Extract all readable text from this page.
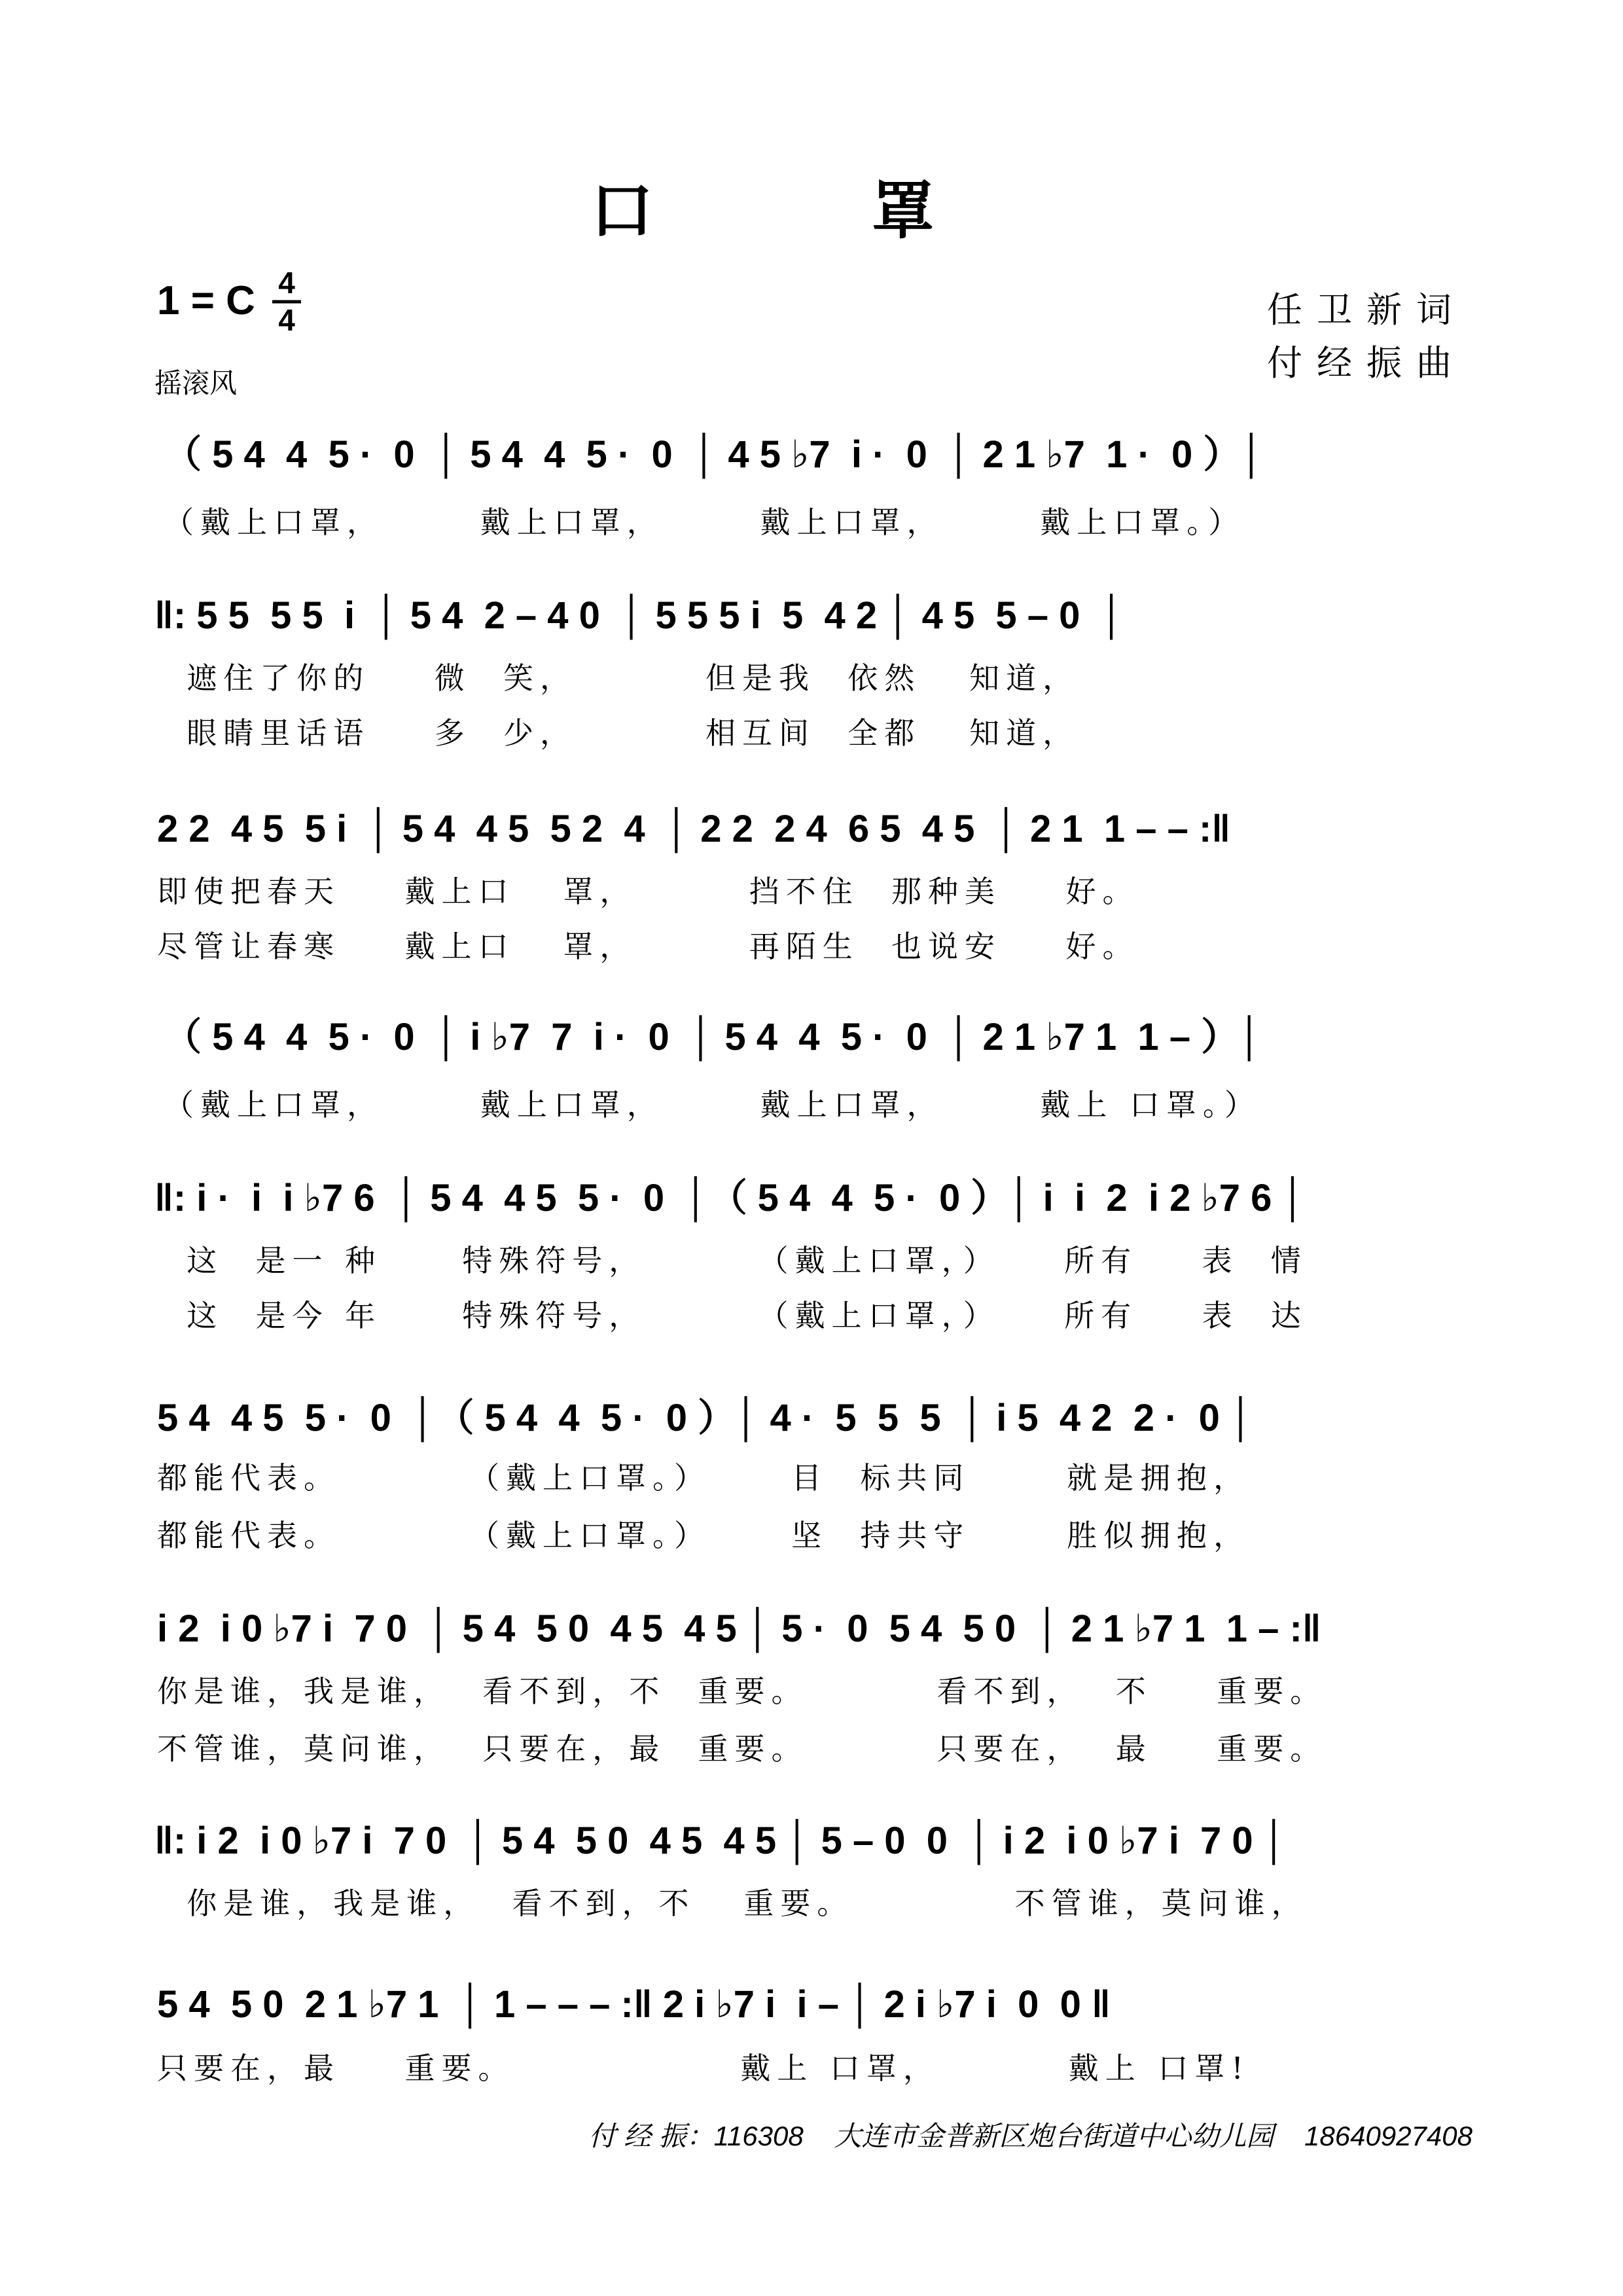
口 罩
1 = C 4
4
摇滚风
任卫新词
付经振曲
（ 5 4  4  5 ·  0  │ 5 4  4  5 ·  0  │ 4 5 ♭7  i ·  0  │ 2 1 ♭7  1 ·  0 ）│
（戴上口罩，      戴上口罩，      戴上口罩，      戴上口罩。）
‖: 5 5  5 5  i  │ 5 4  2 – 4 0  │ 5 5 5 i  5  4 2 │ 4 5  5 – 0  │
遮住了你的    微  笑，        但是我  依然   知道，
眼睛里话语    多  少，        相互间  全都   知道，
2 2  4 5  5 i  │ 5 4  4 5  5 2  4  │ 2 2  2 4  6 5  4 5  │ 2 1  1 – – :‖
即使把春天    戴上口   罩，       挡不住  那种美    好。
尽管让春寒    戴上口   罩，       再陌生  也说安    好。
（ 5 4  4  5 ·  0  │ i ♭7  7  i ·  0  │ 5 4  4  5 ·  0  │ 2 1 ♭7 1  1 – ）│
（戴上口罩，      戴上口罩，      戴上口罩，      戴上 口罩。）
‖: i ·  i  i ♭7 6  │ 5 4  4 5  5 ·  0  │（ 5 4  4  5 ·  0 ）│ i  i  2  i 2 ♭7 6 │
这  是一 种     特殊符号，       （戴上口罩，）    所有    表  情
这  是今 年     特殊符号，       （戴上口罩，）    所有    表  达
5 4  4 5  5 ·  0  │（ 5 4  4  5 ·  0 ）│ 4 ·  5  5  5  │ i 5  4 2  2 ·  0 │
都能代表。        （戴上口罩。）     目  标共同      就是拥抱，
都能代表。        （戴上口罩。）     坚  持共守      胜似拥抱，
i 2  i 0 ♭7 i  7 0  │ 5 4  5 0  4 5  4 5 │ 5 ·  0  5 4  5 0  │ 2 1 ♭7 1  1 – :‖
你是谁，我是谁，  看不到，不  重要。        看不到，  不    重要。
不管谁，莫问谁，  只要在，最  重要。        只要在，  最    重要。
‖: i 2  i 0 ♭7 i  7 0  │ 5 4  5 0  4 5  4 5 │ 5 – 0  0  │ i 2  i 0 ♭7 i  7 0 │
你是谁，我是谁，  看不到，不   重要。          不管谁，莫问谁，
5 4  5 0  2 1 ♭7 1  │ 1 – – – :‖ 2 i ♭7 i  i – │ 2 i ♭7 i  0  0 ‖
只要在，最    重要。              戴上 口罩，        戴上 口罩!
付 经 振：116308    大连市金普新区炮台街道中心幼儿园    18640927408
